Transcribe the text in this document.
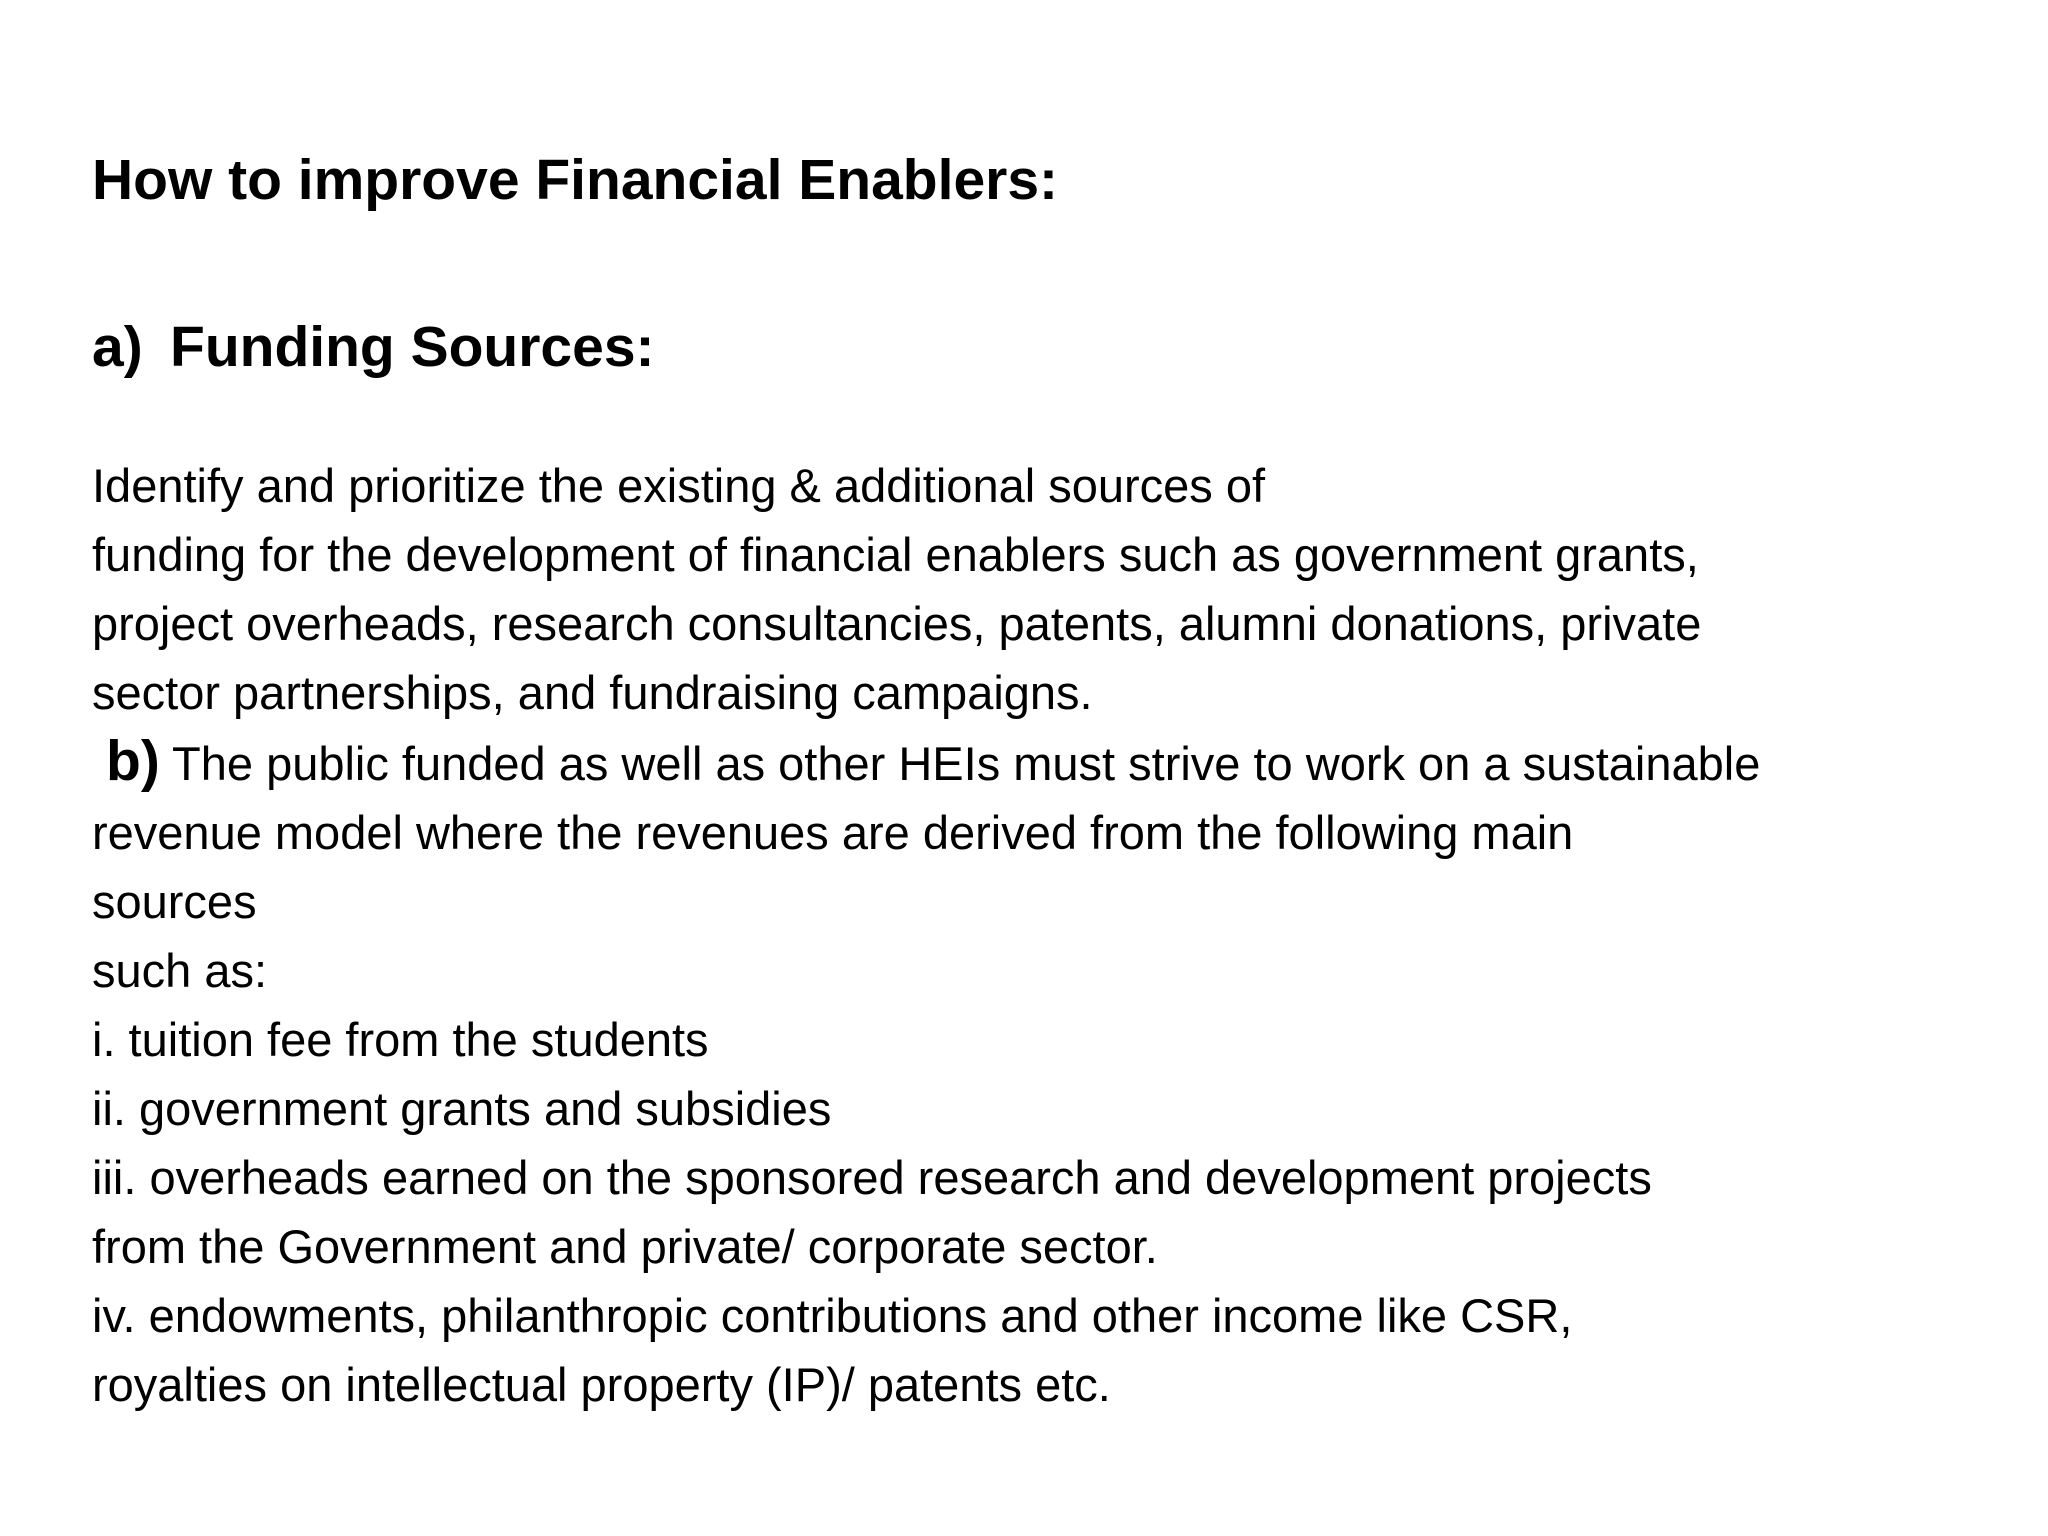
How to improve Financial Enablers:
a) Funding Sources:
Identify and prioritize the existing & additional sources of
funding for the development of financial enablers such as government grants,
project overheads, research consultancies, patents, alumni donations, private
sector partnerships, and fundraising campaigns.
b) The public funded as well as other HEIs must strive to work on a sustainable
revenue model where the revenues are derived from the following main
sources
such as:
i. tuition fee from the students
ii. government grants and subsidies
iii. overheads earned on the sponsored research and development projects
from the Government and private/ corporate sector.
iv. endowments, philanthropic contributions and other income like CSR,
royalties on intellectual property (IP)/ patents etc.
